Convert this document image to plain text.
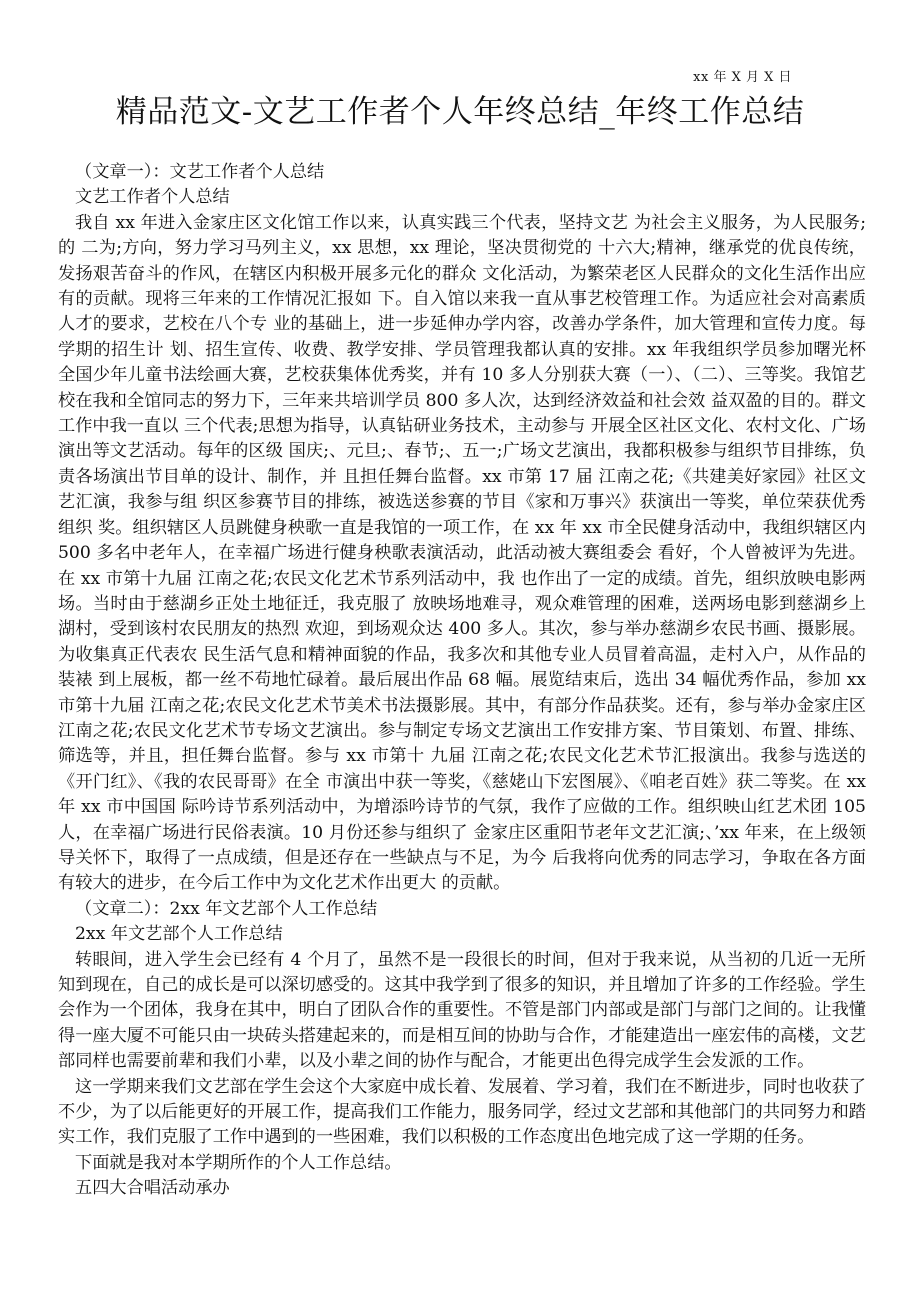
xx 年 X 月 X 日
精品范文-文艺工作者个人年终总结_年终工作总结

（文章一）：文艺工作者个人总结

文艺工作者个人总结

我自 xx 年进入金家庄区文化馆工作以来，认真实践三个代表，坚持文艺 为社会主义服务，为人民服务;的 二为;方向，努力学习马列主义，xx 思想，xx 理论，坚决贯彻党的 十六大;精神，继承党的优良传统，发扬艰苦奋斗的作风，在辖区内积极开展多元化的群众 文化活动，为繁荣老区人民群众的文化生活作出应有的贡献。现将三年来的工作情况汇报如 下。自入馆以来我一直从事艺校管理工作。为适应社会对高素质人才的要求，艺校在八个专 业的基础上，进一步延伸办学内容，改善办学条件，加大管理和宣传力度。每学期的招生计 划、招生宣传、收费、教学安排、学员管理我都认真的安排。xx 年我组织学员参加曙光杯 全国少年儿童书法绘画大赛，艺校获集体优秀奖，并有 10 多人分别获大赛（一）、（二）、三等奖。我馆艺校在我和全馆同志的努力下，三年来共培训学员 800 多人次，达到经济效益和社会效 益双盈的目的。群文工作中我一直以 三个代表;思想为指导，认真钻研业务技术，主动参与 开展全区社区文化、农村文化、广场演出等文艺活动。每年的区级 国庆;、元旦;、春节;、五一;广场文艺演出，我都积极参与组织节目排练，负责各场演出节目单的设计、制作，并 且担任舞台监督。xx 市第 17 届 江南之花;《共建美好家园》社区文艺汇演，我参与组 织区参赛节目的排练，被选送参赛的节目《家和万事兴》获演出一等奖，单位荣获优秀组织 奖。组织辖区人员跳健身秧歌一直是我馆的一项工作，在 xx 年 xx 市全民健身活动中，我组织辖区内 500 多名中老年人，在幸福广场进行健身秧歌表演活动，此活动被大赛组委会 看好，个人曾被评为先进。在 xx 市第十九届 江南之花;农民文化艺术节系列活动中，我 也作出了一定的成绩。首先，组织放映电影两场。当时由于慈湖乡正处土地征迁，我克服了 放映场地难寻，观众难管理的困难，送两场电影到慈湖乡上湖村，受到该村农民朋友的热烈 欢迎，到场观众达 400 多人。其次，参与举办慈湖乡农民书画、摄影展。为收集真正代表农 民生活气息和精神面貌的作品，我多次和其他专业人员冒着高温，走村入户，从作品的装裱 到上展板，都一丝不苟地忙碌着。最后展出作品 68 幅。展览结束后，选出 34 幅优秀作品，参加 xx 市第十九届 江南之花;农民文化艺术节美术书法摄影展。其中，有部分作品获奖。还有，参与举办金家庄区 江南之花;农民文化艺术节专场文艺演出。参与制定专场文艺演出工作安排方案、节目策划、布置、排练、筛选等，并且，担任舞台监督。参与 xx 市第十 九届 江南之花;农民文化艺术节汇报演出。我参与选送的《开门红》、《我的农民哥哥》在全 市演出中获一等奖，《慈姥山下宏图展》、《咱老百姓》获二等奖。在 xx 年 xx 市中国国 际吟诗节系列活动中，为增添吟诗节的气氛，我作了应做的工作。组织映山红艺术团 105 人，在幸福广场进行民俗表演。10 月份还参与组织了 金家庄区重阳节老年文艺汇演;、’xx 年来，在上级领导关怀下，取得了一点成绩，但是还存在一些缺点与不足，为今 后我将向优秀的同志学习，争取在各方面有较大的进步，在今后工作中为文化艺术作出更大 的贡献。

（文章二）：2xx 年文艺部个人工作总结

2xx 年文艺部个人工作总结

转眼间，进入学生会已经有 4 个月了，虽然不是一段很长的时间，但对于我来说，从当初的几近一无所知到现在，自己的成长是可以深切感受的。这其中我学到了很多的知识，并且增加了许多的工作经验。学生会作为一个团体，我身在其中，明白了团队合作的重要性。不管是部门内部或是部门与部门之间的。让我懂得一座大厦不可能只由一块砖头搭建起来的，而是相互间的协助与合作，才能建造出一座宏伟的高楼，文艺部同样也需要前辈和我们小辈，以及小辈之间的协作与配合，才能更出色得完成学生会发派的工作。

这一学期来我们文艺部在学生会这个大家庭中成长着、发展着、学习着，我们在不断进步，同时也收获了不少，为了以后能更好的开展工作，提高我们工作能力，服务同学，经过文艺部和其他部门的共同努力和踏实工作，我们克服了工作中遇到的一些困难，我们以积极的工作态度出色地完成了这一学期的任务。

下面就是我对本学期所作的个人工作总结。

五四大合唱活动承办
